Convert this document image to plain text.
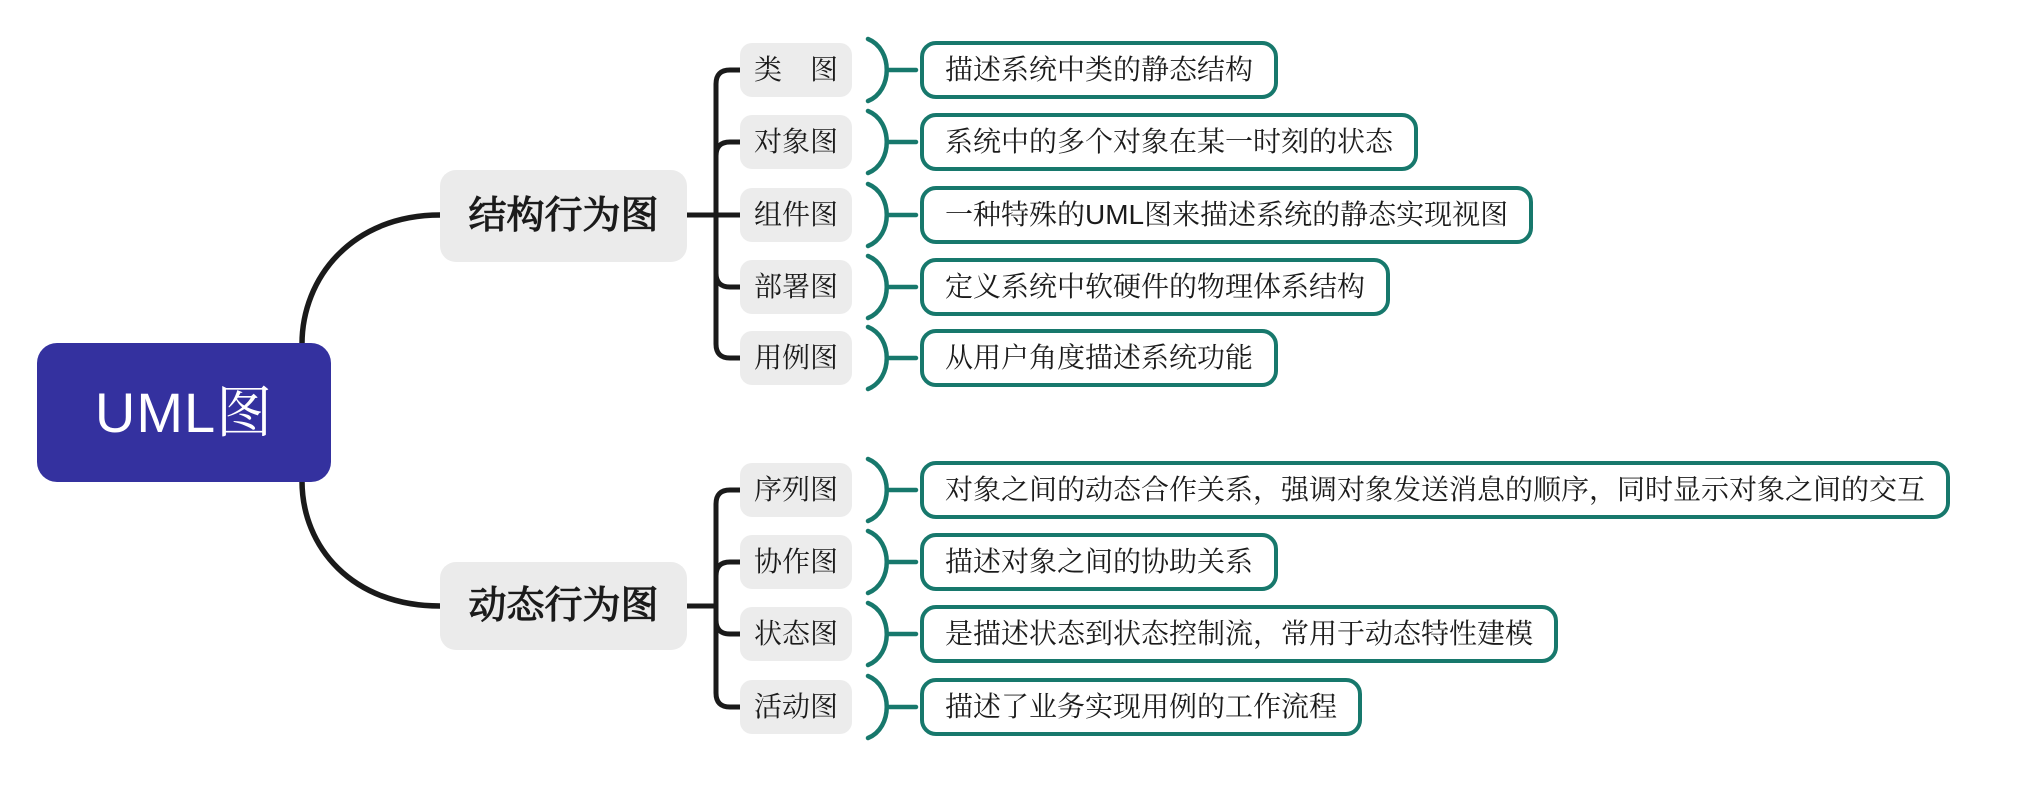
UML图
结构行为图
动态行为图
类　图
对象图
组件图
部署图
用例图
描述系统中类的静态结构
系统中的多个对象在某一时刻的状态
一种特殊的UML图来描述系统的静态实现视图
定义系统中软硬件的物理体系结构
从用户角度描述系统功能
序列图
协作图
状态图
活动图
对象之间的动态合作关系，强调对象发送消息的顺序，同时显示对象之间的交互
描述对象之间的协助关系
是描述状态到状态控制流，常用于动态特性建模
描述了业务实现用例的工作流程
